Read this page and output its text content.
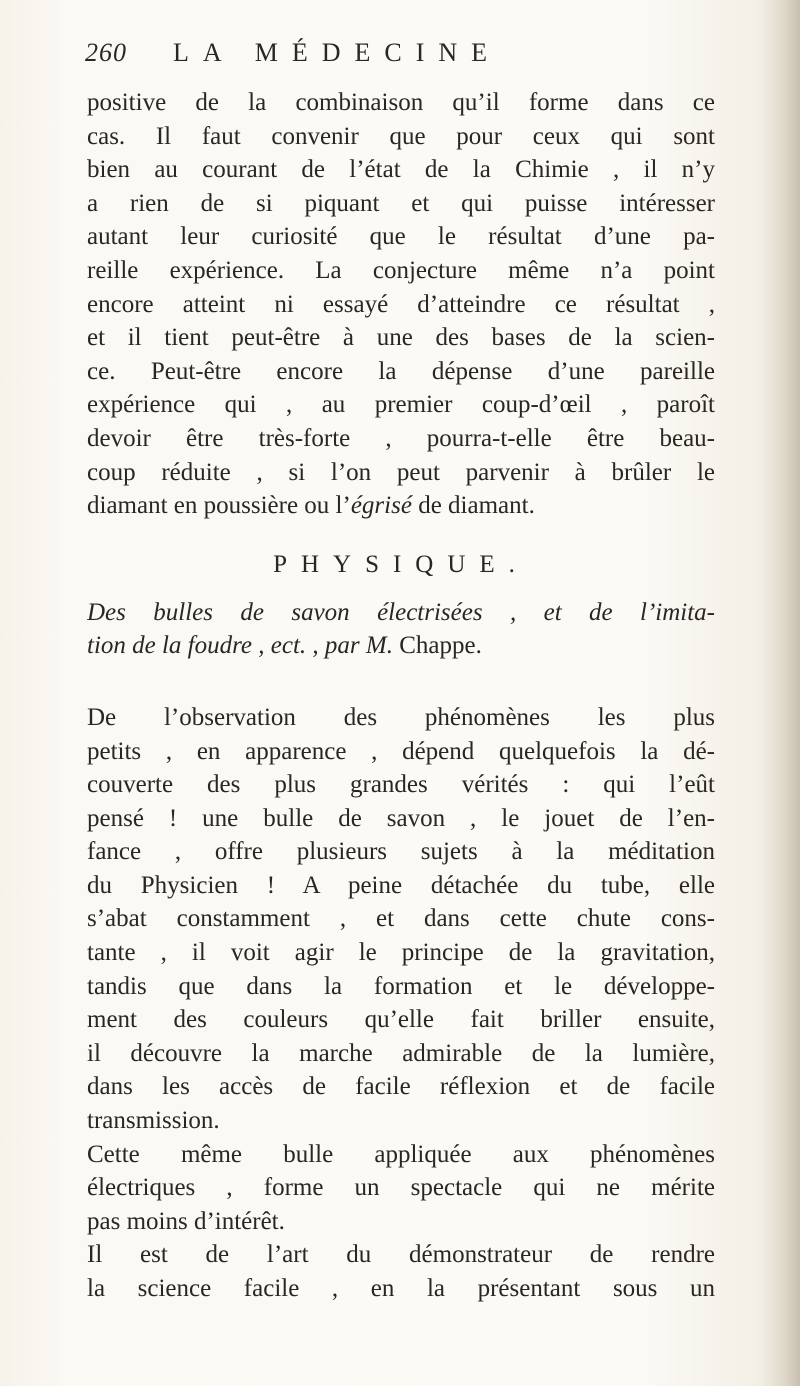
260 LA MÉDECINE
positive de la combinaison qu’il forme dans ce
cas. Il faut convenir que pour ceux qui sont
bien au courant de l’état de la Chimie , il n’y
a rien de si piquant et qui puisse intéresser
autant leur curiosité que le résultat d’une pa-
reille expérience. La conjecture même n’a point
encore atteint ni essayé d’atteindre ce résultat ,
et il tient peut-être à une des bases de la scien-
ce. Peut-être encore la dépense d’une pareille
expérience qui , au premier coup-d’œil , paroît
devoir être très-forte , pourra-t-elle être beau-
coup réduite , si l’on peut parvenir à brûler le
diamant en poussière ou l’égrisé de diamant.
PHYSIQUE.
Des bulles de savon électrisées , et de l’imita-
tion de la foudre , ect. , par M. Chappe.
De l’observation des phénomènes les plus
petits , en apparence , dépend quelquefois la dé-
couverte des plus grandes vérités : qui l’eût
pensé ! une bulle de savon , le jouet de l’en-
fance , offre plusieurs sujets à la méditation
du Physicien ! A peine détachée du tube, elle
s’abat constamment , et dans cette chute cons-
tante , il voit agir le principe de la gravitation,
tandis que dans la formation et le développe-
ment des couleurs qu’elle fait briller ensuite,
il découvre la marche admirable de la lumière,
dans les accès de facile réflexion et de facile
transmission.
Cette même bulle appliquée aux phénomènes
électriques , forme un spectacle qui ne mérite
pas moins d’intérêt.
Il est de l’art du démonstrateur de rendre
la science facile , en la présentant sous un
